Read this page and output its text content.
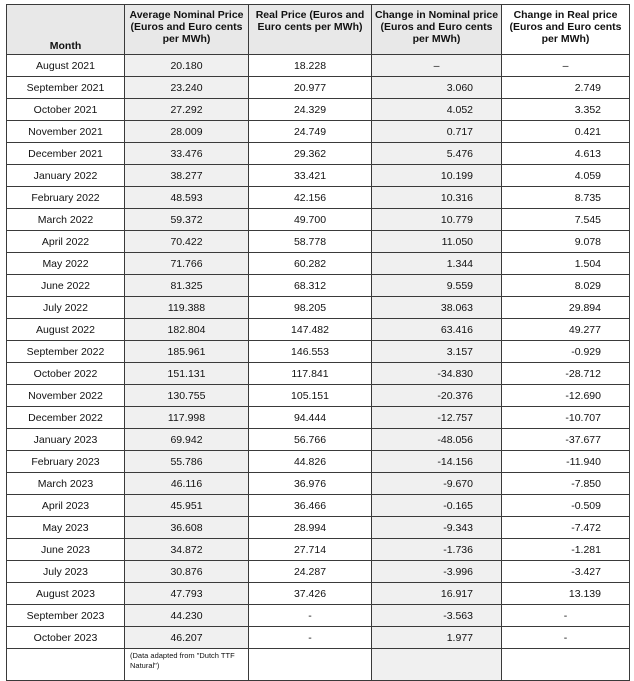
Month	Average Nominal Price (Euros and Euro cents per MWh)	Real Price (Euros and Euro cents per MWh)	Change in Nominal price (Euros and Euro cents per MWh)	Change in Real price (Euros and Euro cents per MWh)
August 2021	20.180	18.228	–	–
September 2021	23.240	20.977	3.060	2.749
October 2021	27.292	24.329	4.052	3.352
November 2021	28.009	24.749	0.717	0.421
December 2021	33.476	29.362	5.476	4.613
January 2022	38.277	33.421	10.199	4.059
February 2022	48.593	42.156	10.316	8.735
March 2022	59.372	49.700	10.779	7.545
April 2022	70.422	58.778	11.050	9.078
May 2022	71.766	60.282	1.344	1.504
June 2022	81.325	68.312	9.559	8.029
July 2022	119.388	98.205	38.063	29.894
August 2022	182.804	147.482	63.416	49.277
September 2022	185.961	146.553	3.157	-0.929
October 2022	151.131	117.841	-34.830	-28.712
November 2022	130.755	105.151	-20.376	-12.690
December 2022	117.998	94.444	-12.757	-10.707
January 2023	69.942	56.766	-48.056	-37.677
February 2023	55.786	44.826	-14.156	-11.940
March 2023	46.116	36.976	-9.670	-7.850
April 2023	45.951	36.466	-0.165	-0.509
May 2023	36.608	28.994	-9.343	-7.472
June 2023	34.872	27.714	-1.736	-1.281
July 2023	30.876	24.287	-3.996	-3.427
August 2023	47.793	37.426	16.917	13.139
September 2023	44.230	-	-3.563	-
October 2023	46.207	-	1.977	-
	(Data adapted from "Dutch TTF Natural")			
